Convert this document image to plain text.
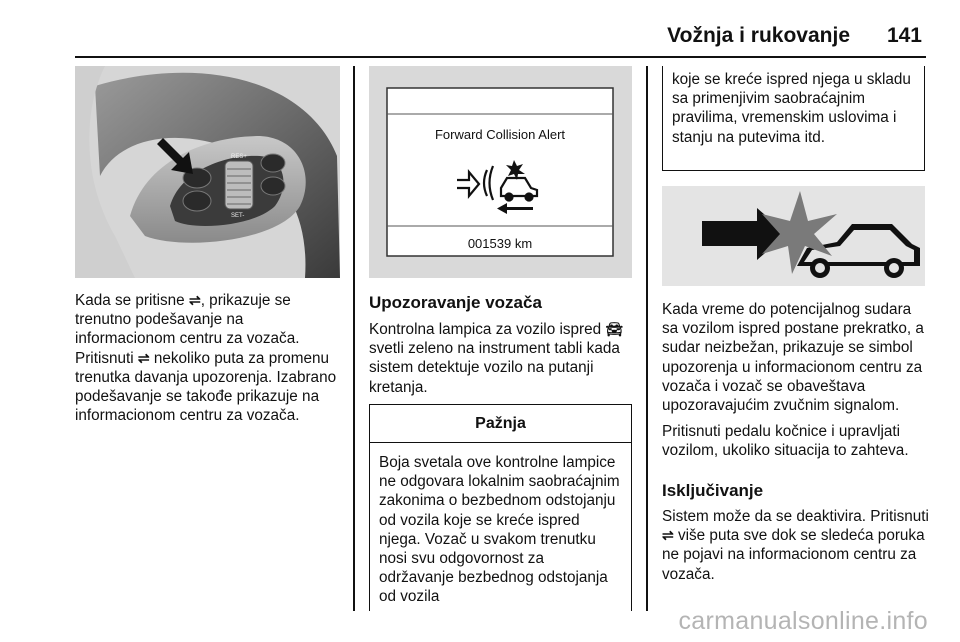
Vožnja i rukovanje 141
RES+
SET-

Kada se pritisne ⇌, prikazuje se trenutno podešavanje na informacionom centru za vozača. Pritisnuti ⇌ nekoliko puta za promenu trenutka davanja upozorenja. Izabrano podešavanje se takođe prikazuje na informacionom centru za vozača.

Forward Collision Alert
001539 km
Upozoravanje vozača

Kontrolna lampica za vozilo ispred 🚘︎ svetli zeleno na instrument tabli kada sistem detektuje vozilo na putanji kretanja.

Pažnja
Boja svetala ove kontrolne lampice ne odgovara lokalnim saobraćajnim zakonima o bezbednom odstojanju od vozila koje se kreće ispred njega. Vozač u svakom trenutku nosi svu odgovornost za održavanje bezbednog odstojanja od vozila
koje se kreće ispred njega u skladu sa primenjivim saobraćajnim pravilima, vremenskim uslovima i stanju na putevima itd.

Kada vreme do potencijalnog sudara sa vozilom ispred postane prekratko, a sudar neizbežan, prikazuje se simbol upozorenja u informacionom centru za vozača i vozač se obaveštava upozoravajućim zvučnim signalom.

Pritisnuti pedalu kočnice i upravljati vozilom, ukoliko situacija to zahteva.

Isključivanje

Sistem može da se deaktivira. Pritisnuti ⇌ više puta sve dok se sledeća poruka ne pojavi na informacionom centru za vozača.

carmanualsonline.info
